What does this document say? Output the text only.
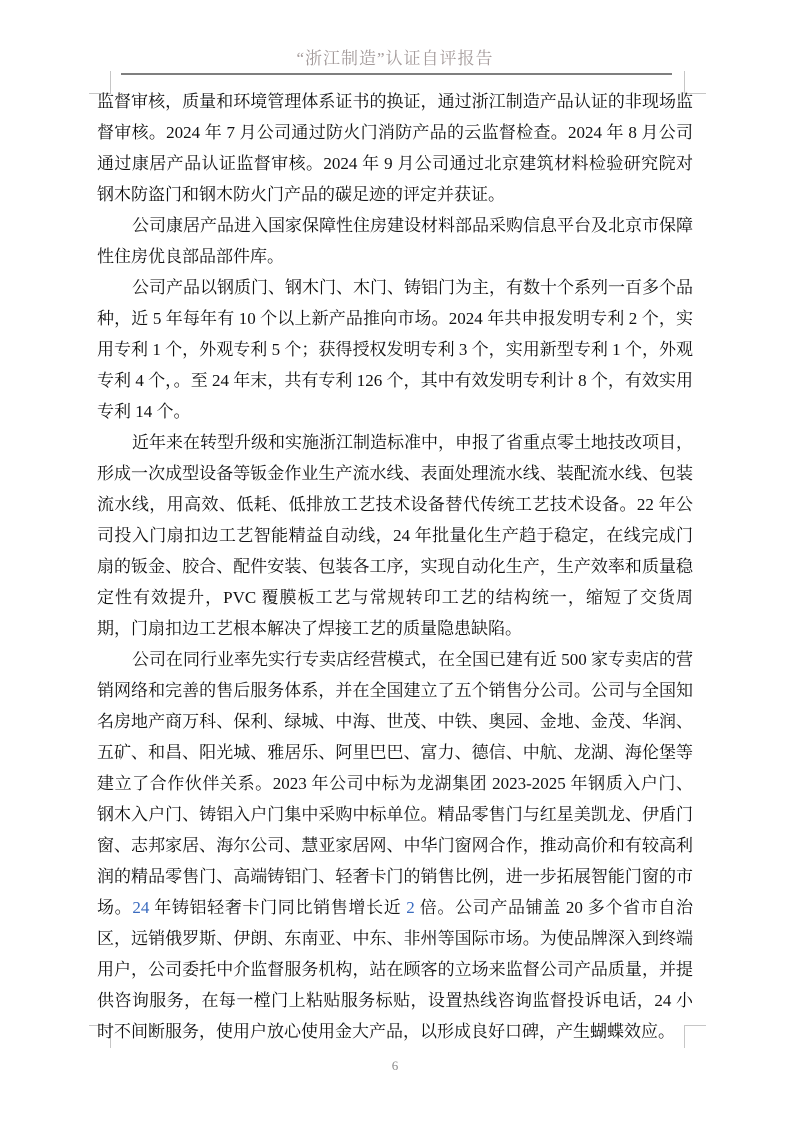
“浙江制造”认证自评报告

监督审核，质量和环境管理体系证书的换证，通过浙江制造产品认证的非现场监督审核。2024 年 7 月公司通过防火门消防产品的云监督检查。2024 年 8 月公司通过康居产品认证监督审核。2024 年 9 月公司通过北京建筑材料检验研究院对钢木防盗门和钢木防火门产品的碳足迹的评定并获证。

公司康居产品进入国家保障性住房建设材料部品采购信息平台及北京市保障性住房优良部品部件库。

公司产品以钢质门、钢木门、木门、铸铝门为主，有数十个系列一百多个品种，近 5 年每年有 10 个以上新产品推向市场。2024 年共申报发明专利 2 个，实用专利 1 个，外观专利 5 个；获得授权发明专利 3 个，实用新型专利 1 个，外观专利 4 个，。至 24 年末，共有专利 126 个，其中有效发明专利计 8 个，有效实用专利 14 个。

近年来在转型升级和实施浙江制造标准中，申报了省重点零土地技改项目，形成一次成型设备等钣金作业生产流水线、表面处理流水线、装配流水线、包装流水线，用高效、低耗、低排放工艺技术设备替代传统工艺技术设备。22 年公司投入门扇扣边工艺智能精益自动线，24 年批量化生产趋于稳定，在线完成门扇的钣金、胶合、配件安装、包装各工序，实现自动化生产，生产效率和质量稳定性有效提升，PVC 覆膜板工艺与常规转印工艺的结构统一，缩短了交货周期，门扇扣边工艺根本解决了焊接工艺的质量隐患缺陷。

公司在同行业率先实行专卖店经营模式，在全国已建有近 500 家专卖店的营销网络和完善的售后服务体系，并在全国建立了五个销售分公司。公司与全国知名房地产商万科、保利、绿城、中海、世茂、中铁、奥园、金地、金茂、华润、五矿、和昌、阳光城、雅居乐、阿里巴巴、富力、德信、中航、龙湖、海伦堡等建立了合作伙伴关系。2023 年公司中标为龙湖集团 2023-2025 年钢质入户门、钢木入户门、铸铝入户门集中采购中标单位。精品零售门与红星美凯龙、伊盾门窗、志邦家居、海尔公司、慧亚家居网、中华门窗网合作，推动高价和有较高利润的精品零售门、高端铸铝门、轻奢卡门的销售比例，进一步拓展智能门窗的市场。24 年铸铝轻奢卡门同比销售增长近 2 倍。公司产品铺盖 20 多个省市自治区，远销俄罗斯、伊朗、东南亚、中东、非州等国际市场。为使品牌深入到终端用户，公司委托中介监督服务机构，站在顾客的立场来监督公司产品质量，并提供咨询服务，在每一樘门上粘贴服务标贴，设置热线咨询监督投诉电话，24 小时不间断服务，使用户放心使用金大产品，以形成良好口碑，产生蝴蝶效应。

6
